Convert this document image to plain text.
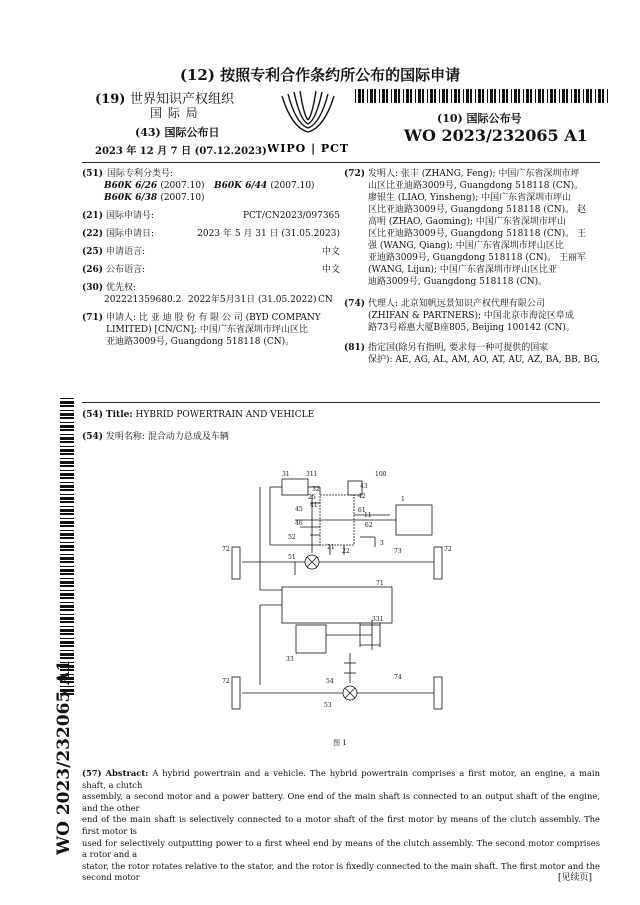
(12) 按照专利合作条约所公布的国际申请
(19) 世界知识产权组织
国 际 局
(43) 国际公布日
2023 年 12 月 7 日 (07.12.2023) WIPO | PCT
(10) 国际公布号
WO 2023/232065 A1
(51) 国际专利分类号:
B60K 6/26 (2007.10)	B60K 6/44 (2007.10)
B60K 6/38 (2007.10)
(21) 国际申请号:	PCT/CN2023/097365
(22) 国际申请日:	2023 年 5 月 31 日 (31.05.2023)
(25) 申请语言:	中文
(26) 公布语言:	中文
(30) 优先权:
202221359680.2 2022年5月31日 (31.05.2022) CN
(71) 申请人: 比 亚 迪 股 份 有 限 公 司 (BYD COMPANY
LIMITED) [CN/CN]; 中国广东省深圳市坪山区比
亚迪路3009号, Guangdong 518118 (CN)。
(72) 发明人: 张丰 (ZHANG, Feng); 中国广东省深圳市坪
山区比亚迪路3009号, Guangdong 518118 (CN)。
廖银生 (LIAO, Yinsheng); 中国广东省深圳市坪山
区比亚迪路3009号, Guangdong 518118 (CN)。 赵
高明 (ZHAO, Gaoming); 中国广东省深圳市坪山
区比亚迪路3009号, Guangdong 518118 (CN)。 王
强 (WANG, Qiang); 中国广东省深圳市坪山区比
亚迪路3009号, Guangdong 518118 (CN)。 王丽军
(WANG, Lijun); 中国广东省深圳市坪山区比亚
迪路3009号, Guangdong 518118 (CN)。
(74) 代理人: 北京知帆远景知识产权代理有限公司
(ZHIFAN & PARTNERS); 中国北京市海淀区阜成
路73号裕惠大厦B座805, Beijing 100142 (CN)。
(81) 指定国(除另有指明, 要求每一种可提供的国家
保护): AE, AG, AL, AM, AO, AT, AU, AZ, BA, BB, BG,
WO 2023/232065 A1
(54) Title: HYBRID POWERTRAIN AND VEHICLE
(54) 发明名称: 混合动力总成及车辆
31	311
43
42
100
32
1
25
41
45	61
11
46	62
3
52
21
22
72
51
73	72
71
331
33
72	54
74
53
图 1
(57) Abstract: A hybrid powertrain and a vehicle. The hybrid powertrain comprises a first motor, an engine, a main shaft, a clutch
assembly, a second motor and a power battery. One end of the main shaft is connected to an output shaft of the engine, and the other
end of the main shaft is selectively connected to a motor shaft of the first motor by means of the clutch assembly. The first motor is
used for selectively outputting power to a first wheel end by means of the clutch assembly. The second motor comprises a rotor and a
stator, the rotor rotates relative to the stator, and the rotor is fixedly connected to the main shaft. The first motor and the second motor	[见续页]
